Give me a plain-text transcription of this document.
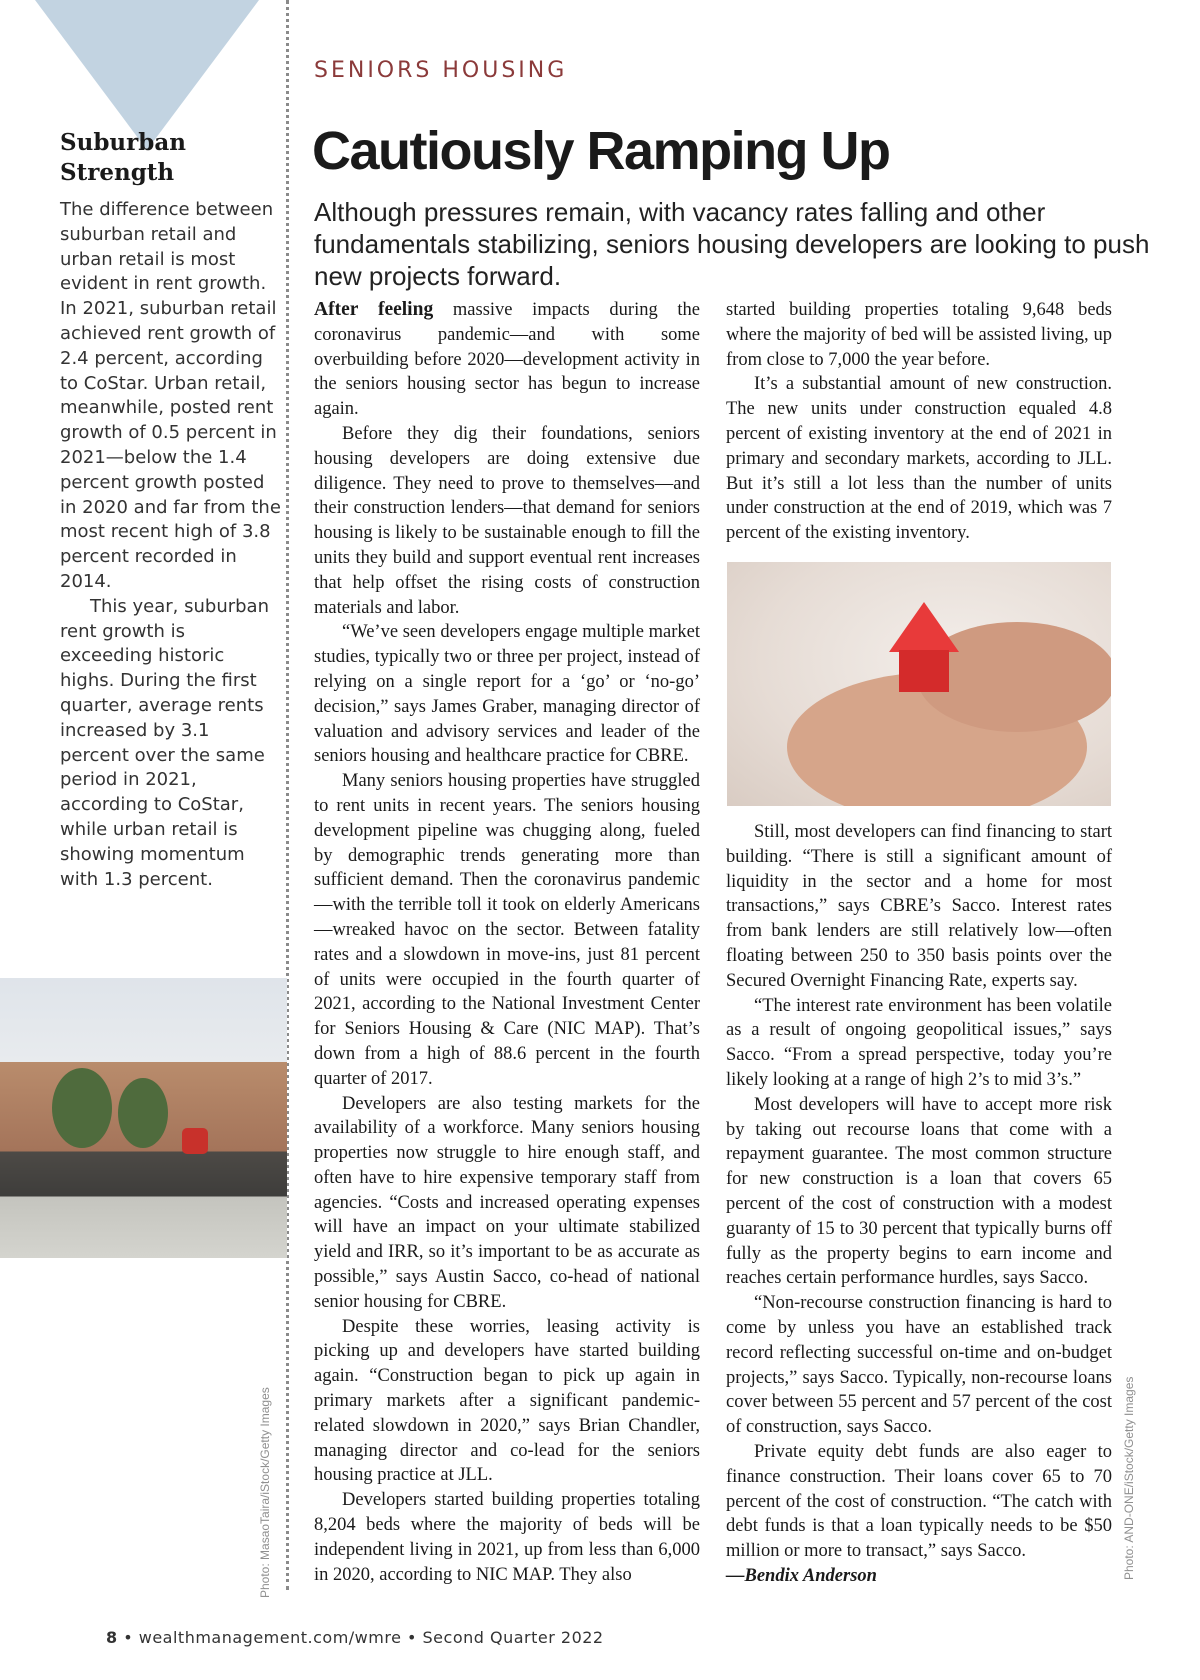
Suburban Strength

The difference between suburban retail and urban retail is most evident in rent growth. In 2021, suburban retail achieved rent growth of 2.4 percent, according to CoStar. Urban retail, meanwhile, posted rent growth of 0.5 percent in 2021—below the 1.4 percent growth posted in 2020 and far from the most recent high of 3.8 percent recorded in 2014.

This year, suburban rent growth is exceeding historic highs. During the first quarter, average rents increased by 3.1 percent over the same period in 2021, according to CoStar, while urban retail is showing momentum with 1.3 percent.

Photo: MasaoTaira/iStock/Getty Images

SENIORS HOUSING

Cautiously Ramping Up

Although pressures remain, with vacancy rates falling and other fundamentals stabilizing, seniors housing developers are looking to push new projects forward.

After feeling massive impacts during the coronavirus pandemic—and with some overbuilding before 2020—development activity in the seniors housing sector has begun to increase again.

Before they dig their foundations, seniors housing developers are doing extensive due diligence. They need to prove to themselves—and their construction lenders—that demand for seniors housing is likely to be sustainable enough to fill the units they build and support eventual rent increases that help offset the rising costs of construction materials and labor.

“We’ve seen developers engage multiple market studies, typically two or three per project, instead of relying on a single report for a ‘go’ or ‘no-go’ decision,” says James Graber, managing director of valuation and advisory services and leader of the seniors housing and healthcare practice for CBRE.

Many seniors housing properties have struggled to rent units in recent years. The seniors housing development pipeline was chugging along, fueled by demographic trends generating more than sufficient demand. Then the coronavirus pandemic—with the terrible toll it took on elderly Americans—wreaked havoc on the sector. Between fatality rates and a slowdown in move-ins, just 81 percent of units were occupied in the fourth quarter of 2021, according to the National Investment Center for Seniors Housing & Care (NIC MAP). That’s down from a high of 88.6 percent in the fourth quarter of 2017.

Developers are also testing markets for the availability of a workforce. Many seniors housing properties now struggle to hire enough staff, and often have to hire expensive temporary staff from agencies. “Costs and increased operating expenses will have an impact on your ultimate stabilized yield and IRR, so it’s important to be as accurate as possible,” says Austin Sacco, co-head of national senior housing for CBRE.

Despite these worries, leasing activity is picking up and developers have started building again. “Construction began to pick up again in primary markets after a significant pandemic-related slowdown in 2020,” says Brian Chandler, managing director and co-lead for the seniors housing practice at JLL.

Developers started building properties totaling 8,204 beds where the majority of beds will be independent living in 2021, up from less than 6,000 in 2020, according to NIC MAP. They also

started building properties totaling 9,648 beds where the majority of bed will be assisted living, up from close to 7,000 the year before.

It’s a substantial amount of new construction. The new units under construction equaled 4.8 percent of existing inventory at the end of 2021 in primary and secondary markets, according to JLL. But it’s still a lot less than the number of units under construction at the end of 2019, which was 7 percent of the existing inventory.

Still, most developers can find financing to start building. “There is still a significant amount of liquidity in the sector and a home for most transactions,” says CBRE’s Sacco. Interest rates from bank lenders are still relatively low—often floating between 250 to 350 basis points over the Secured Overnight Financing Rate, experts say.

“The interest rate environment has been volatile as a result of ongoing geopolitical issues,” says Sacco. “From a spread perspective, today you’re likely looking at a range of high 2’s to mid 3’s.”

Most developers will have to accept more risk by taking out recourse loans that come with a repayment guarantee. The most common structure for new construction is a loan that covers 65 percent of the cost of construction with a modest guaranty of 15 to 30 percent that typically burns off fully as the property begins to earn income and reaches certain performance hurdles, says Sacco.

“Non-recourse construction financing is hard to come by unless you have an established track record reflecting successful on-time and on-budget projects,” says Sacco. Typically, non-recourse loans cover between 55 percent and 57 percent of the cost of construction, says Sacco.

Private equity debt funds are also eager to finance construction. Their loans cover 65 to 70 percent of the cost of construction. “The catch with debt funds is that a loan typically needs to be $50 million or more to transact,” says Sacco.

—Bendix Anderson	Photo: AND-ONE/iStock/Getty Images

8 • wealthmanagement.com/wmre • Second Quarter 2022
